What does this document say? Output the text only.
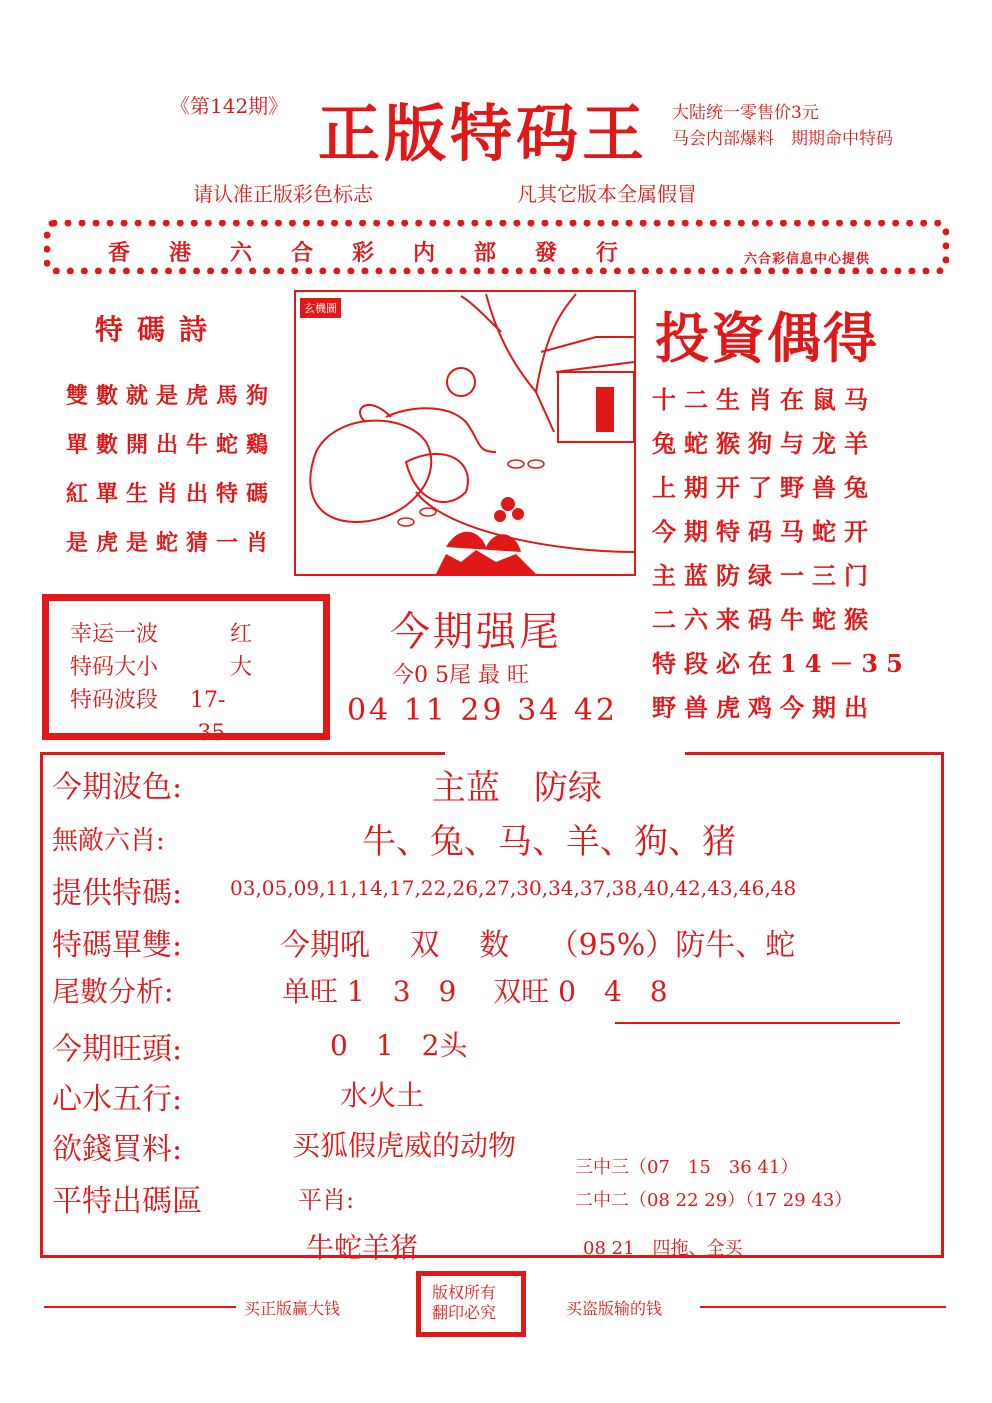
《第142期》 正版特码王 大陆统一零售价3元
马会内部爆料　期期命中特码
请认准正版彩色标志	凡其它版本全属假冒
香港六合彩内部發行	六合彩信息中心提供
特碼詩
雙數就是虎馬狗
單數開出牛蛇鷄
紅單生肖出特碼
是虎是蛇猜一肖
玄機圖	投資偶得
十二生肖在鼠马
兔蛇猴狗与龙羊
上期开了野兽兔
今期特码马蛇开
主蓝防绿一三门
二六来码牛蛇猴
特段必在14－35
野兽虎鸡今期出
幸运一波	红
特码大小	大
特码波段 17--35
今期强尾
今0 5尾 最 旺
04 11 29 34 42
今期波色:	主蓝　防绿
無敵六肖:	牛、兔、马、羊、狗、猪
提供特碼: 03,05,09,11,14,17,22,26,27,30,34,37,38,40,42,43,46,48
特碼單雙:	今期吼　 双　 数　 （95%）防牛、蛇
尾數分析:	单旺 1　3　9　 双旺 0　4　8
今期旺頭:	0　1　2头
心水五行:	水火土
欲錢買料:	买狐假虎威的动物
平特出碼區	平肖:
牛蛇羊猪
三中三（07　15　36 41）
二中二（08 22 29）（17 29 43）
08 21　四拖、全买
买正版赢大钱
版权所有
翻印必究	买盗版输的钱
